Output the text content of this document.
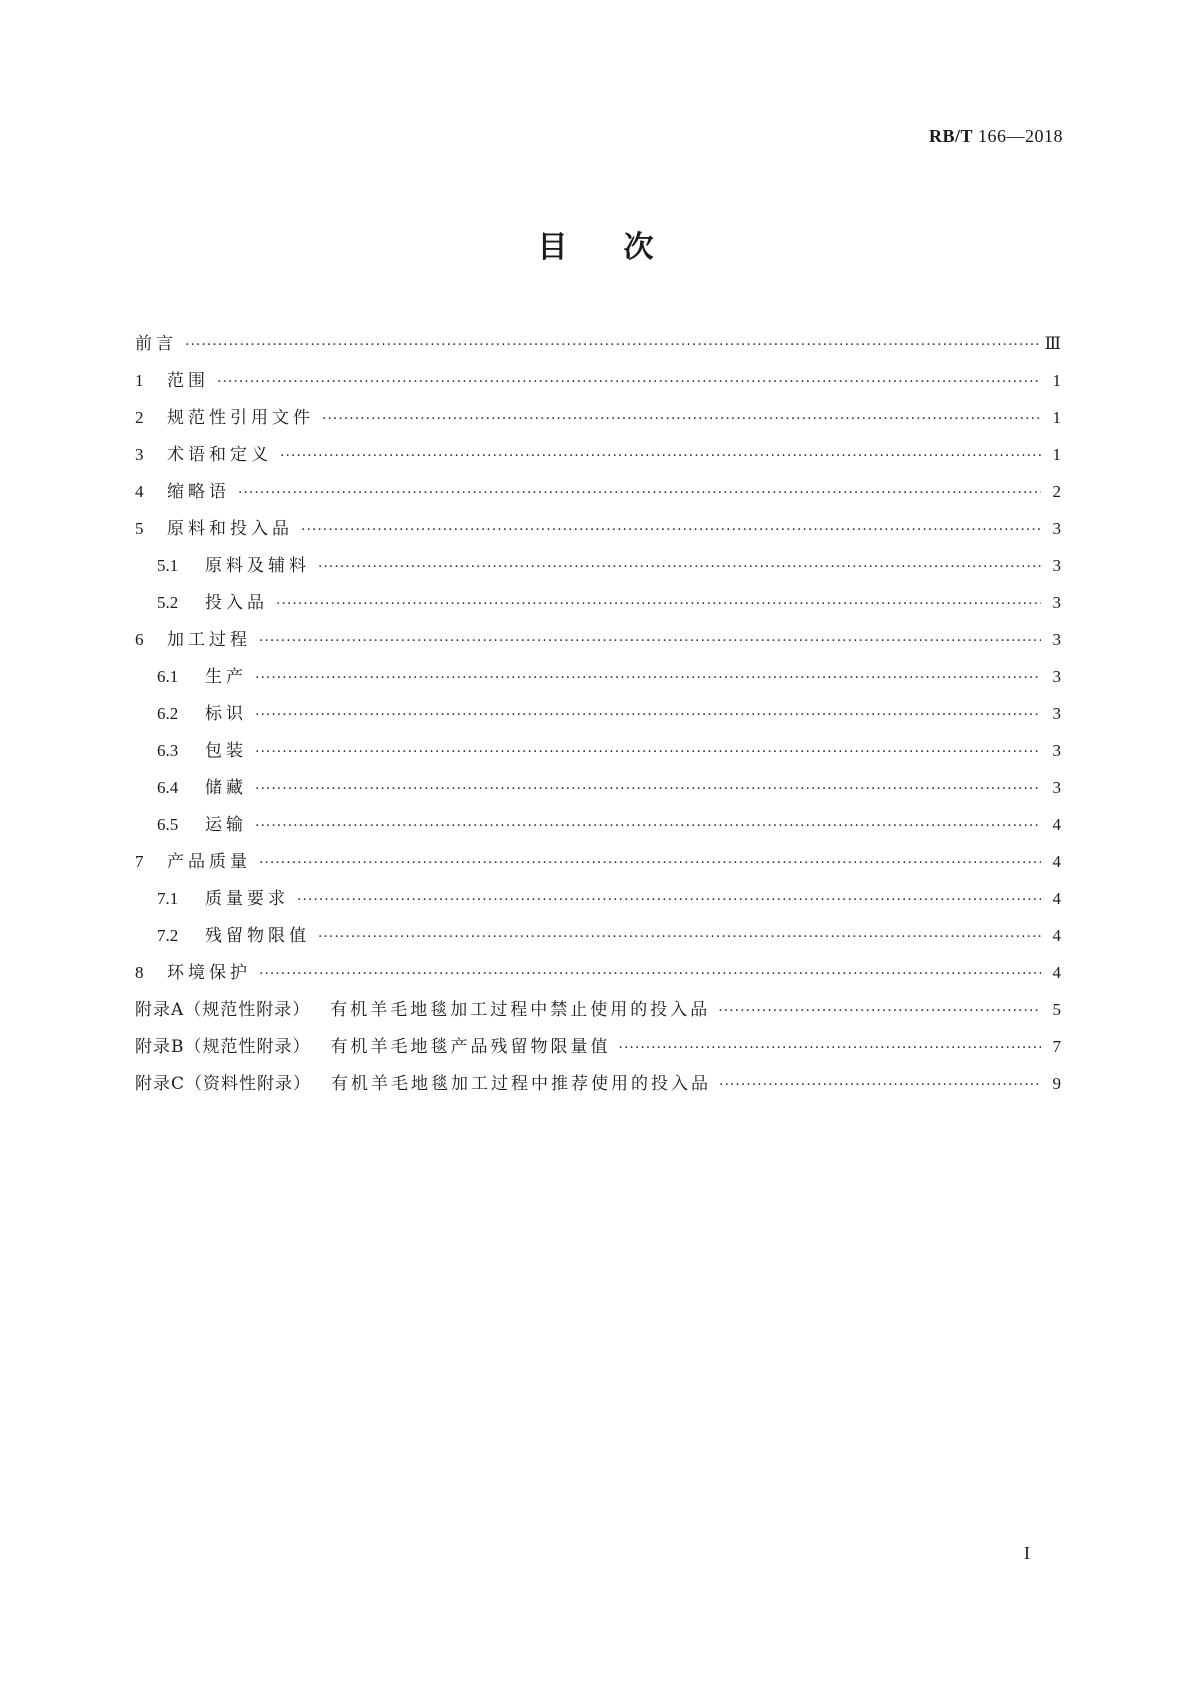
RB/T 166—2018
目次
前言 ·····	Ⅲ
1	范围 ·····	1
2	规范性引用文件 ·····	1
3	术语和定义 ·····	1
4	缩略语 ·····	2
5	原料和投入品 ·····	3
5.1	原料及辅料 ·····	3
5.2	投入品 ·····	3
6	加工过程 ·····	3
6.1	生产 ·····	3
6.2	标识 ·····	3
6.3	包装 ·····	3
6.4	储藏 ·····	3
6.5	运输 ·····	4
7	产品质量 ·····	4
7.1	质量要求 ·····	4
7.2	残留物限值 ·····	4
8	环境保护 ·····	4
附录A（规范性附录） 有机羊毛地毯加工过程中禁止使用的投入品 ·····	5
附录B（规范性附录） 有机羊毛地毯产品残留物限量值 ·····	7
附录C（资料性附录） 有机羊毛地毯加工过程中推荐使用的投入品 ·····	9
I
